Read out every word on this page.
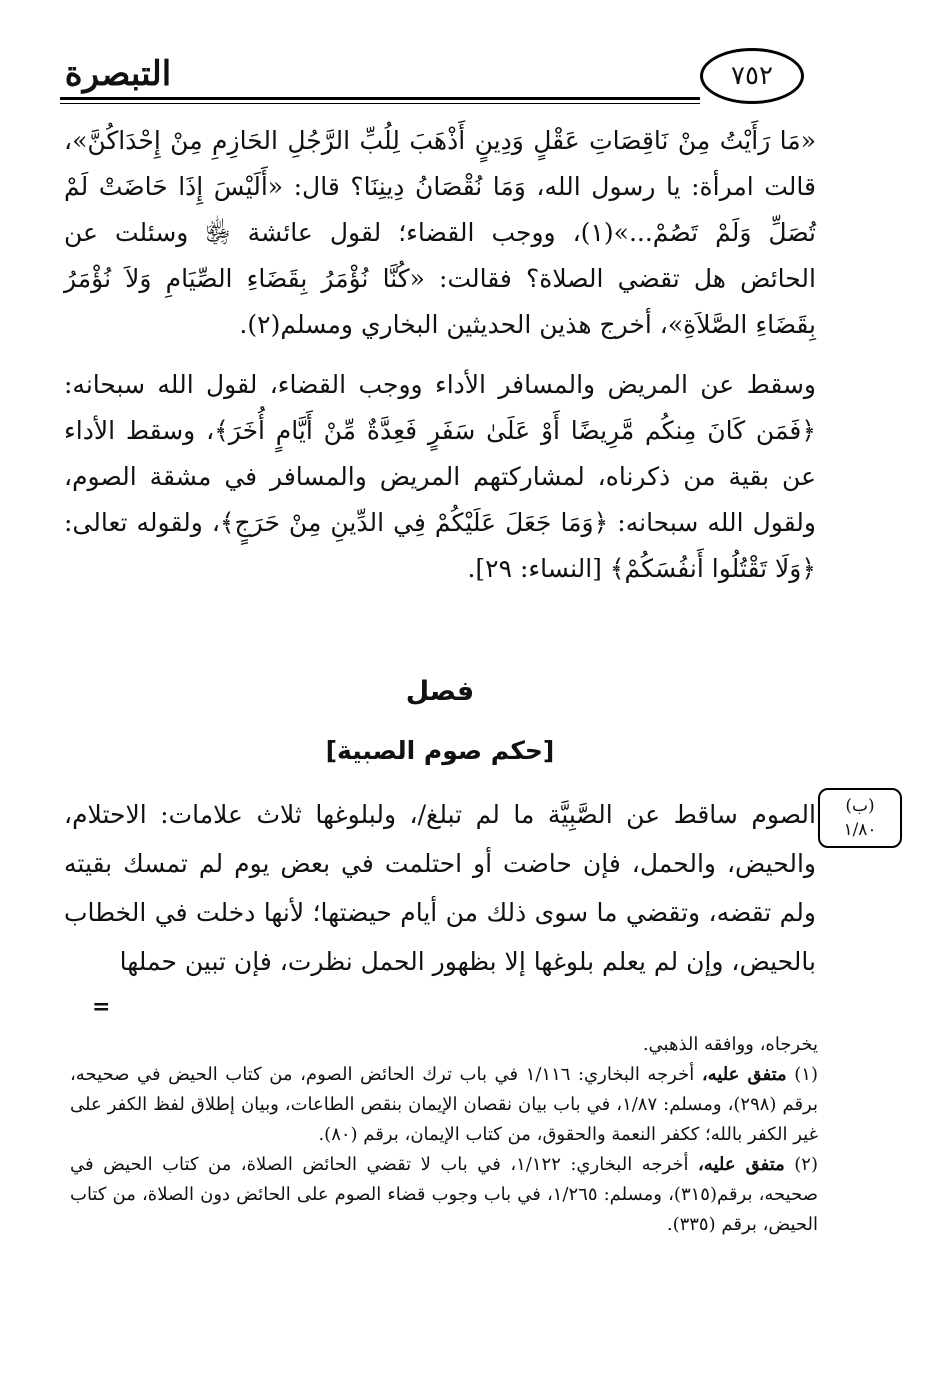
التبصرة	٧٥٢

«مَا رَأَيْتُ مِنْ نَاقِصَاتِ عَقْلٍ وَدِينٍ أَذْهَبَ لِلُبِّ الرَّجُلِ الحَازِمِ مِنْ إِحْدَاكُنَّ»، قالت امرأة: يا رسول الله، وَمَا نُقْصَانُ دِينِنَا؟ قال: «أَلَيْسَ إِذَا حَاضَتْ لَمْ تُصَلِّ وَلَمْ تَصُمْ...»(١)، ووجب القضاء؛ لقول عائشة ﵂ وسئلت عن الحائض هل تقضي الصلاة؟ فقالت: «كُنَّا نُؤْمَرُ بِقَضَاءِ الصِّيَامِ وَلاَ نُؤْمَرُ بِقَضَاءِ الصَّلاَةِ»، أخرج هذين الحديثين البخاري ومسلم(٢).

وسقط عن المريض والمسافر الأداء ووجب القضاء، لقول الله سبحانه: ﴿فَمَن كَانَ مِنكُم مَّرِيضًا أَوْ عَلَىٰ سَفَرٍ فَعِدَّةٌ مِّنْ أَيَّامٍ أُخَرَ﴾، وسقط الأداء عن بقية من ذكرناه، لمشاركتهم المريض والمسافر في مشقة الصوم، ولقول الله سبحانه: ﴿وَمَا جَعَلَ عَلَيْكُمْ فِي الدِّينِ مِنْ حَرَجٍ﴾، ولقوله تعالى: ﴿وَلَا تَقْتُلُوا أَنفُسَكُمْ﴾ [النساء: ٢٩].

فصل
[حكم صوم الصبية]
(ب)
١/٨٠

الصوم ساقط عن الصَّبِيَّة ما لم تبلغ/، ولبلوغها ثلاث علامات: الاحتلام، والحيض، والحمل، فإن حاضت أو احتلمت في بعض يوم لم تمسك بقيته ولم تقضه، وتقضي ما سوى ذلك من أيام حيضتها؛ لأنها دخلت في الخطاب بالحيض، وإن لم يعلم بلوغها إلا بظهور الحمل نظرت، فإن تبين حملها

=

يخرجاه، ووافقه الذهبي.

(١) متفق عليه، أخرجه البخاري: ١/١١٦ في باب ترك الحائض الصوم، من كتاب الحيض في صحيحه، برقم (٢٩٨)، ومسلم: ١/٨٧، في باب بيان نقصان الإيمان بنقص الطاعات، وبيان إطلاق لفظ الكفر على غير الكفر بالله؛ ككفر النعمة والحقوق، من كتاب الإيمان، برقم (٨٠).

(٢) متفق عليه، أخرجه البخاري: ١/١٢٢، في باب لا تقضي الحائض الصلاة، من كتاب الحيض في صحيحه، برقم(٣١٥)، ومسلم: ١/٢٦٥، في باب وجوب قضاء الصوم على الحائض دون الصلاة، من كتاب الحيض، برقم (٣٣٥).
